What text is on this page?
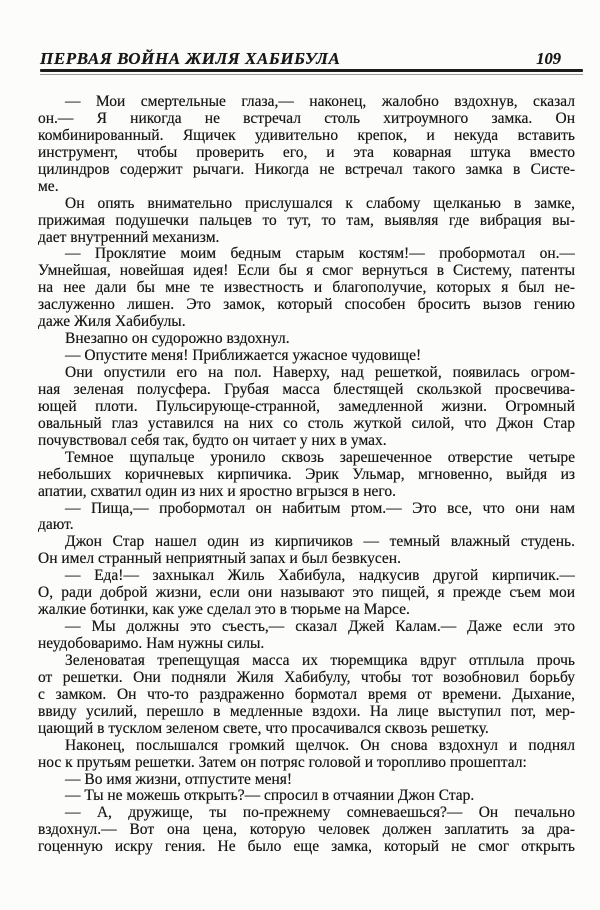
ПЕРВАЯ ВОЙНА ЖИЛЯ ХАБИБУЛА	109
— Мои смертельные глаза,— наконец, жалобно вздохнув, сказал
он.— Я никогда не встречал столь хитроумного замка. Он
комбинированный. Ящичек удивительно крепок, и некуда вставить
инструмент, чтобы проверить его, и эта коварная штука вместо
цилиндров содержит рычаги. Никогда не встречал такого замка в Систе-
ме.
Он опять внимательно прислушался к слабому щелканью в замке,
прижимая подушечки пальцев то тут, то там, выявляя где вибрация вы-
дает внутренний механизм.
— Проклятие моим бедным старым костям!— пробормотал он.—
Умнейшая, новейшая идея! Если бы я смог вернуться в Систему, патенты
на нее дали бы мне те известность и благополучие, которых я был не-
заслуженно лишен. Это замок, который способен бросить вызов гению
даже Жиля Хабибулы.
Внезапно он судорожно вздохнул.
— Опустите меня! Приближается ужасное чудовище!
Они опустили его на пол. Наверху, над решеткой, появилась огром-
ная зеленая полусфера. Грубая масса блестящей скользкой просвечива-
ющей плоти. Пульсирующе-странной, замедленной жизни. Огромный
овальный глаз уставился на них со столь жуткой силой, что Джон Стар
почувствовал себя так, будто он читает у них в умах.
Темное щупальце уронило сквозь зарешеченное отверстие четыре
небольших коричневых кирпичика. Эрик Ульмар, мгновенно, выйдя из
апатии, схватил один из них и яростно вгрызся в него.
— Пища,— пробормотал он набитым ртом.— Это все, что они нам
дают.
Джон Стар нашел один из кирпичиков — темный влажный студень.
Он имел странный неприятный запах и был безвкусен.
— Еда!— захныкал Жиль Хабибула, надкусив другой кирпичик.—
О, ради доброй жизни, если они называют это пищей, я прежде съем мои
жалкие ботинки, как уже сделал это в тюрьме на Марсе.
— Мы должны это съесть,— сказал Джей Калам.— Даже если это
неудобоваримо. Нам нужны силы.
Зеленоватая трепещущая масса их тюремщика вдруг отплыла прочь
от решетки. Они подняли Жиля Хабибулу, чтобы тот возобновил борьбу
с замком. Он что-то раздраженно бормотал время от времени. Дыхание,
ввиду усилий, перешло в медленные вздохи. На лице выступил пот, мер-
цающий в тусклом зеленом свете, что просачивался сквозь решетку.
Наконец, послышался громкий щелчок. Он снова вздохнул и поднял
нос к прутьям решетки. Затем он потряс головой и торопливо прошептал:
— Во имя жизни, отпустите меня!
— Ты не можешь открыть?— спросил в отчаянии Джон Стар.
— А, дружище, ты по-прежнему сомневаешься?— Он печально
вздохнул.— Вот она цена, которую человек должен заплатить за дра-
гоценную искру гения. Не было еще замка, который не смог открыть
